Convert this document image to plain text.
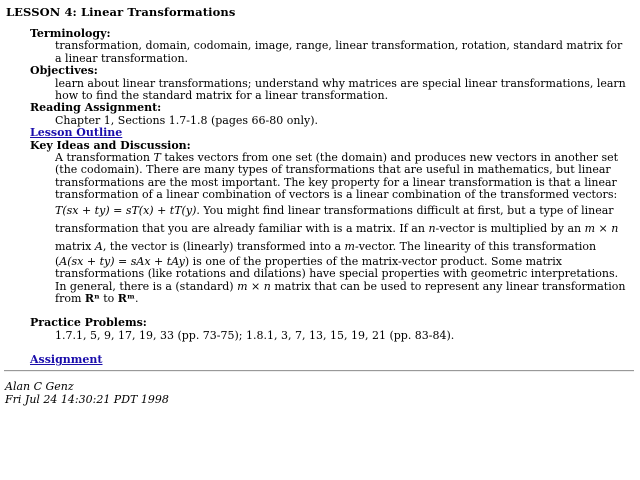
LESSON 4: Linear Transformations
Terminology:
transformation, domain, codomain, image, range, linear transformation, rotation, standard matrix for a linear transformation.
Objectives:
learn about linear transformations; understand why matrices are special linear transformations, learn how to find the standard matrix for a linear transformation.
Reading Assignment:
Chapter 1, Sections 1.7-1.8 (pages 66-80 only).
Lesson Outline
Key Ideas and Discussion:
A transformation T takes vectors from one set (the domain) and produces new vectors in another set (the codomain). There are many types of transformations that are useful in mathematics, but linear transformations are the most important. The key property for a linear transformation is that a linear transformation of a linear combination of vectors is a linear combination of the transformed vectors: T(sx + ty) = sT(x) + tT(y). You might find linear transformations difficult at first, but a type of linear transformation that you are already familiar with is a matrix. If an n-vector is multiplied by an m × n matrix A, the vector is (linearly) transformed into a m-vector. The linearity of this transformation (A(sx + ty) = sAx + tAy) is one of the properties of the matrix-vector product. Some matrix transformations (like rotations and dilations) have special properties with geometric interpretations. In general, there is a (standard) m × n matrix that can be used to represent any linear transformation from Rⁿ to Rᵐ.
Practice Problems:
1.7.1, 5, 9, 17, 19, 33 (pp. 73-75); 1.8.1, 3, 7, 13, 15, 19, 21 (pp. 83-84).
Assignment
Alan C Genz
Fri Jul 24 14:30:21 PDT 1998
